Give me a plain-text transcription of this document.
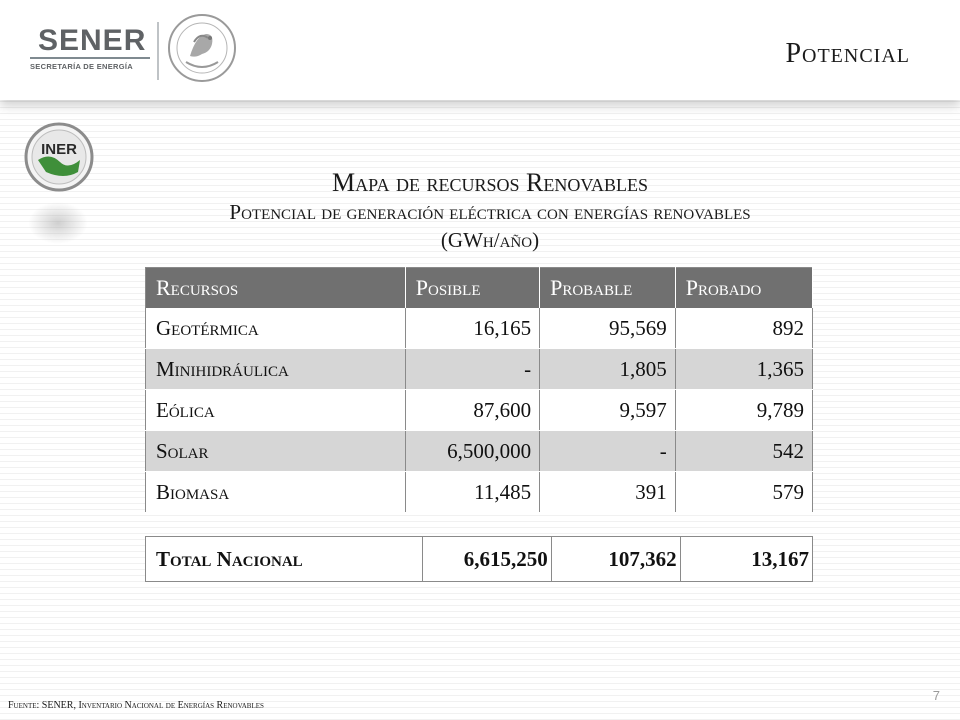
SENER
SECRETARÍA DE ENERGÍA	Potencial
INER
Mapa de recursos Renovables
Potencial de generación eléctrica con energías renovables
(GWh/año)
Recursos	Posible	Probable	Probado
Geotérmica	16,165	95,569	892
Minihidráulica	-	1,805	1,365
Eólica	87,600	9,597	9,789
Solar	6,500,000	-	542
Biomasa	11,485	391	579
Total Nacional	6,615,250	107,362	13,167
Fuente: SENER, Inventario Nacional de Energías Renovables
7
